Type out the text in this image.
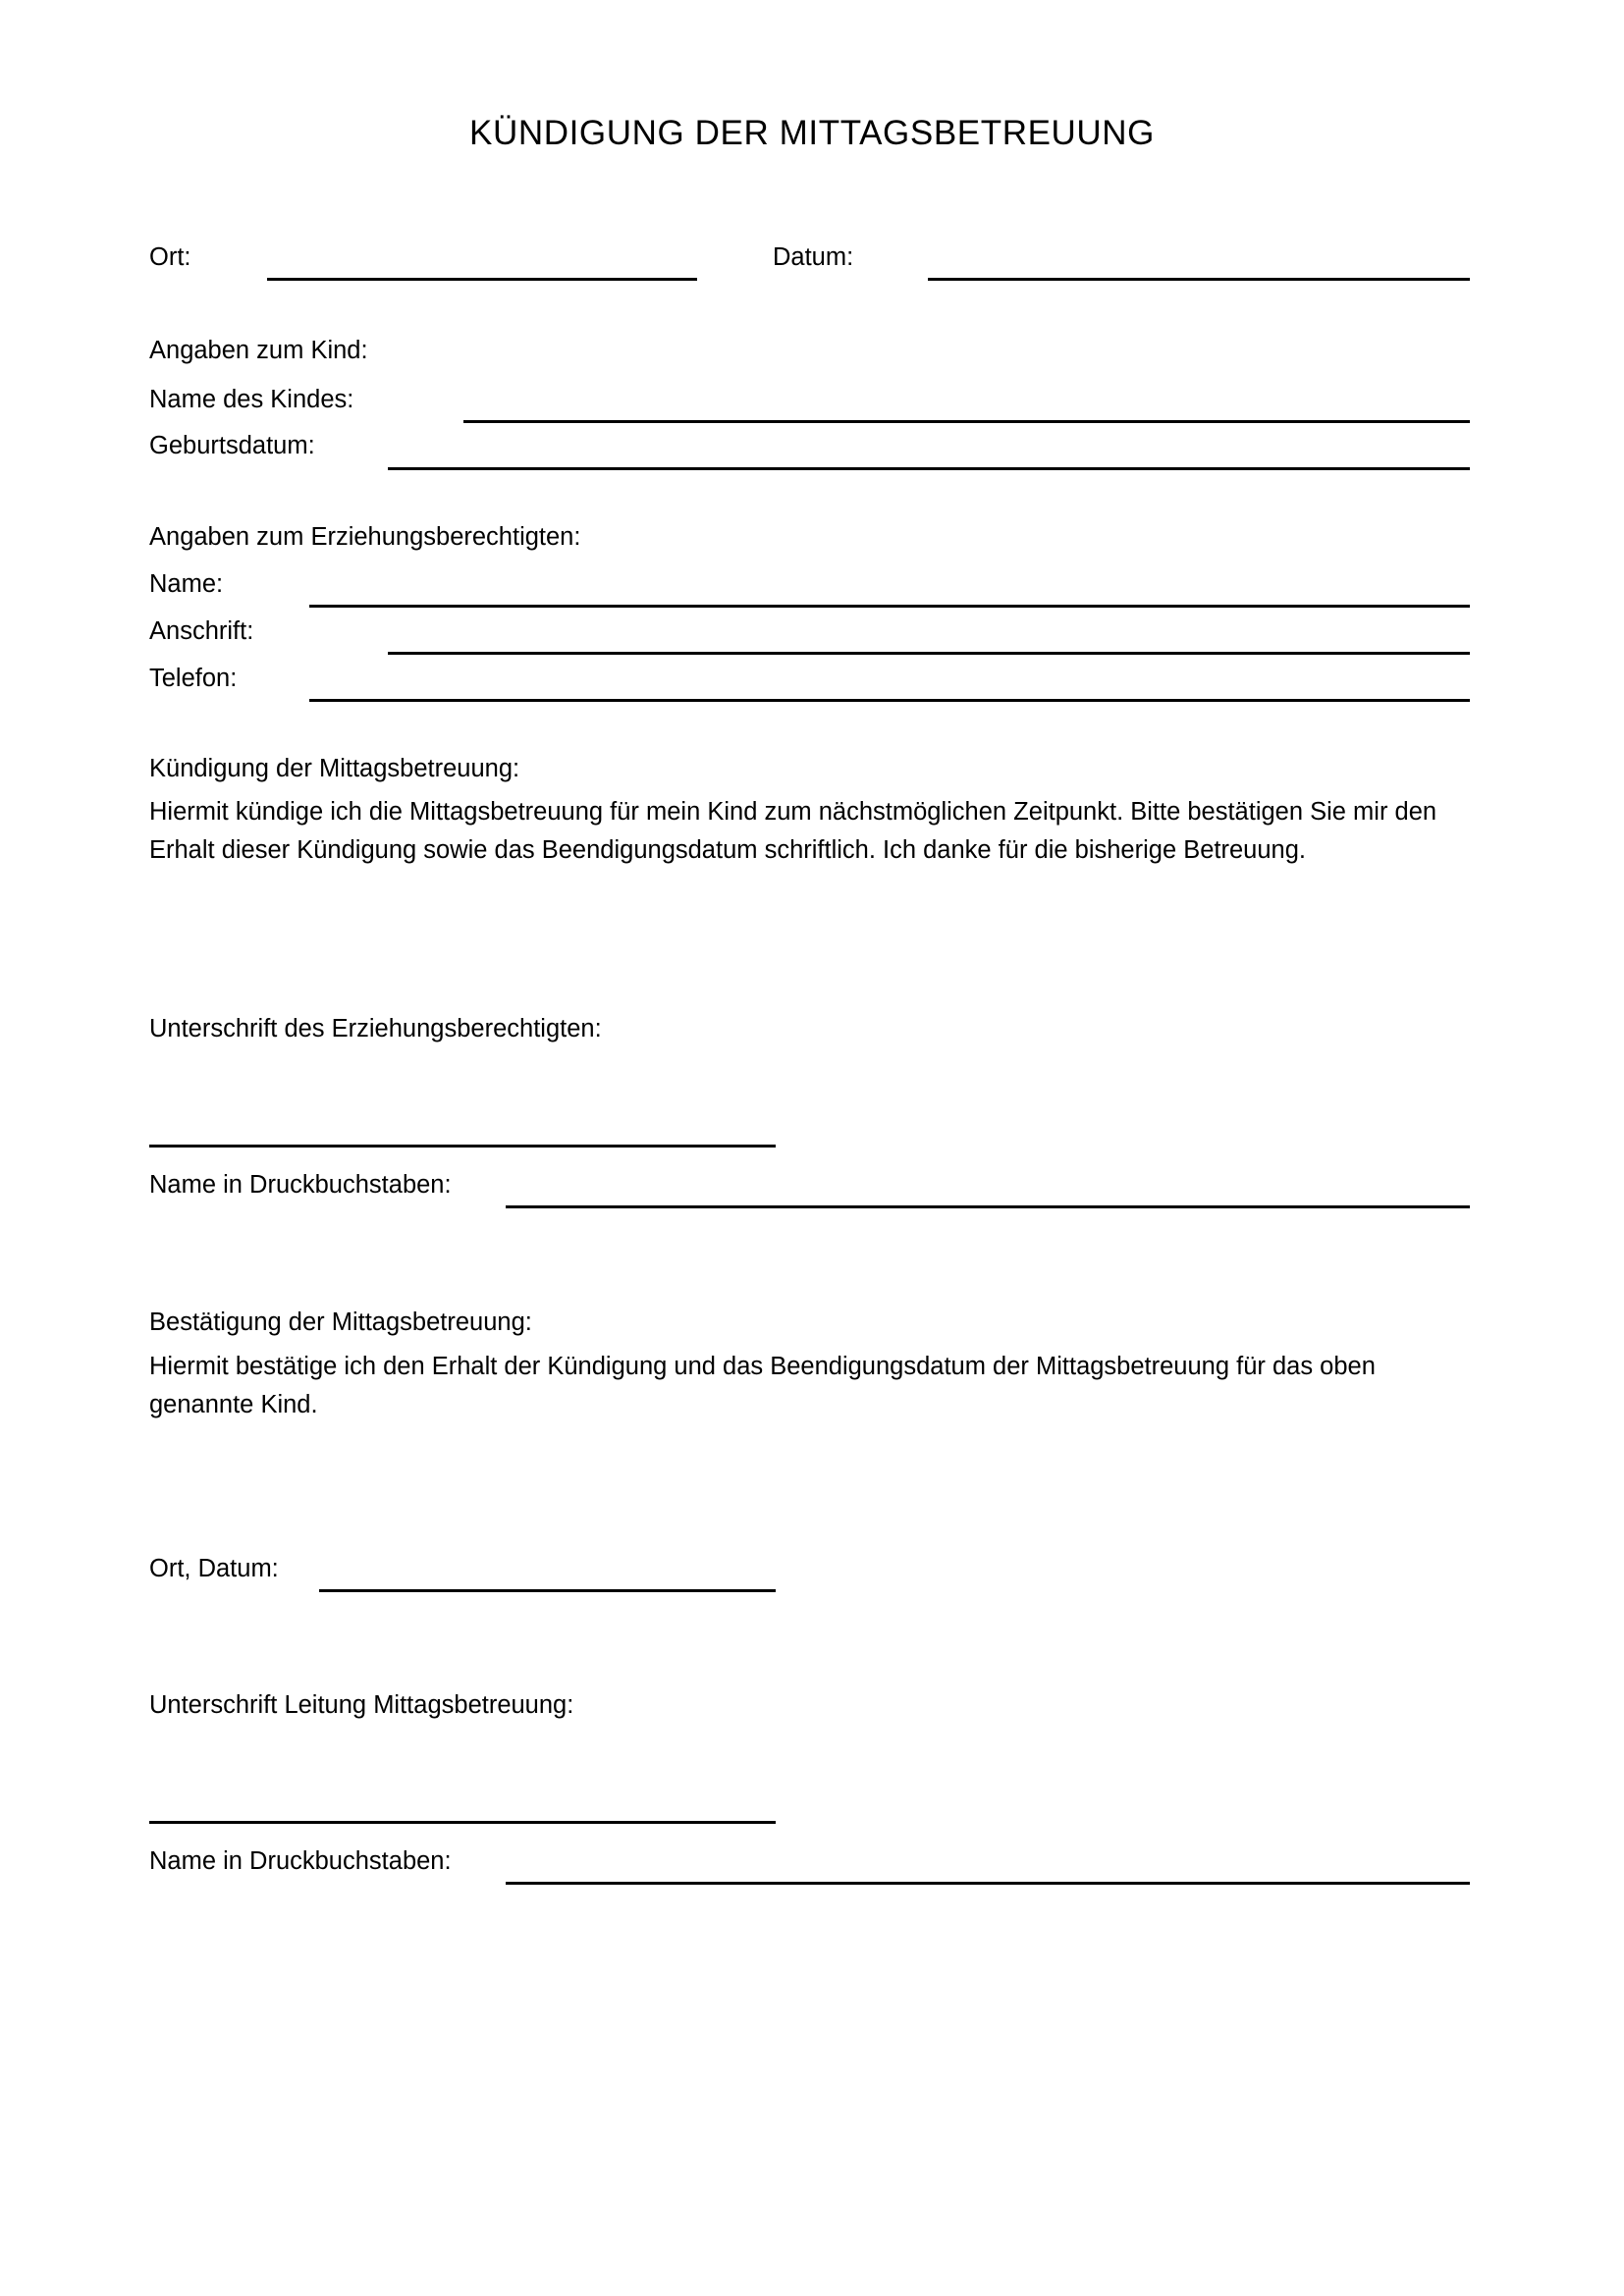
KÜNDIGUNG DER MITTAGSBETREUUNG
Ort:	Datum:
Angaben zum Kind:
Name des Kindes:
Geburtsdatum:
Angaben zum Erziehungsberechtigten:
Name:
Anschrift:
Telefon:
Kündigung der Mittagsbetreuung:

Hiermit kündige ich die Mittagsbetreuung für mein Kind zum nächstmöglichen Zeitpunkt. Bitte bestätigen Sie mir den Erhalt dieser Kündigung sowie das Beendigungsdatum schriftlich. Ich danke für die bisherige Betreuung.

Unterschrift des Erziehungsberechtigten:
Name in Druckbuchstaben:
Bestätigung der Mittagsbetreuung:

Hiermit bestätige ich den Erhalt der Kündigung und das Beendigungsdatum der Mittagsbetreuung für das oben genannte Kind.

Ort, Datum:
Unterschrift Leitung Mittagsbetreuung:
Name in Druckbuchstaben:
